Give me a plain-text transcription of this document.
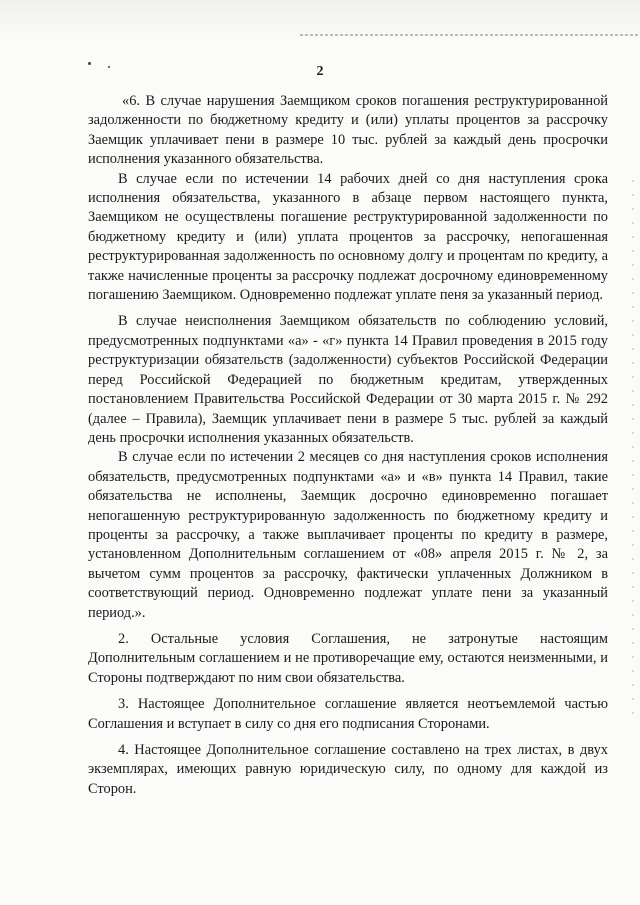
2

«6. В случае нарушения Заемщиком сроков погашения реструктурированной задолженности по бюджетному кредиту и (или) уплаты процентов за рассрочку Заемщик уплачивает пени в размере 10 тыс. рублей за каждый день просрочки исполнения указанного обязательства.

В случае если по истечении 14 рабочих дней со дня наступления срока исполнения обязательства, указанного в абзаце первом настоящего пункта, Заемщиком не осуществлены погашение реструктурированной задолженности по бюджетному кредиту и (или) уплата процентов за рассрочку, непогашенная реструктурированная задолженность по основному долгу и процентам по кредиту, а также начисленные проценты за рассрочку подлежат досрочному единовременному погашению Заемщиком. Одновременно подлежат уплате пеня за указанный период.

В случае неисполнения Заемщиком обязательств по соблюдению условий, предусмотренных подпунктами «а» - «г» пункта 14 Правил проведения в 2015 году реструктуризации обязательств (задолженности) субъектов Российской Федерации перед Российской Федерацией по бюджетным кредитам, утвержденных постановлением Правительства Российской Федерации от 30 марта 2015 г. № 292 (далее – Правила), Заемщик уплачивает пени в размере 5 тыс. рублей за каждый день просрочки исполнения указанных обязательств.

В случае если по истечении 2 месяцев со дня наступления сроков исполнения обязательств, предусмотренных подпунктами «а» и «в» пункта 14 Правил, такие обязательства не исполнены, Заемщик досрочно единовременно погашает непогашенную реструктурированную задолженность по бюджетному кредиту и проценты за рассрочку, а также выплачивает проценты по кредиту в размере, установленном Дополнительным соглашением от «08» апреля 2015 г. № 2, за вычетом сумм процентов за рассрочку, фактически уплаченных Должником в соответствующий период. Одновременно подлежат уплате пени за указанный период.».

2. Остальные условия Соглашения, не затронутые настоящим Дополнительным соглашением и не противоречащие ему, остаются неизменными, и Стороны подтверждают по ним свои обязательства.

3. Настоящее Дополнительное соглашение является неотъемлемой частью Соглашения и вступает в силу со дня его подписания Сторонами.

4. Настоящее Дополнительное соглашение составлено на трех листах, в двух экземплярах, имеющих равную юридическую силу, по одному для каждой из Сторон.
